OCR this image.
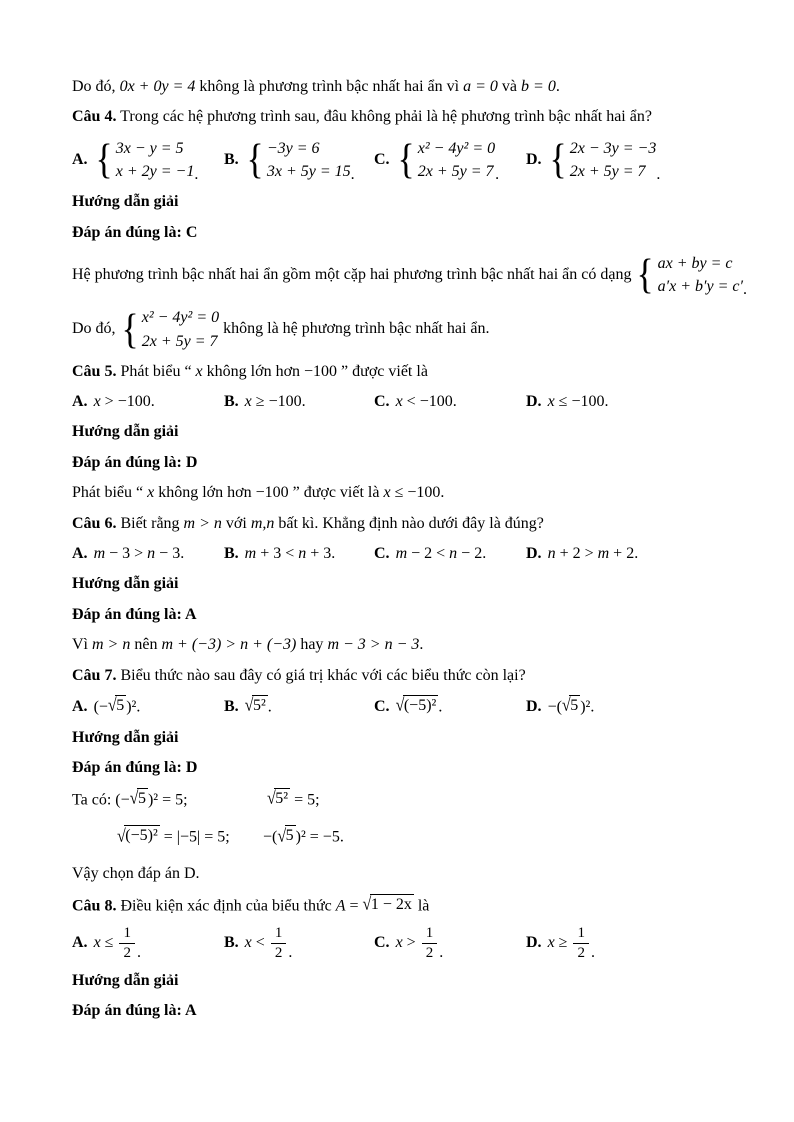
Do đó, 0x + 0y = 4 không là phương trình bậc nhất hai ẩn vì a = 0 và b = 0.

Câu 4. Trong các hệ phương trình sau, đâu không phải là hệ phương trình bậc nhất hai ẩn?

A. { 3x − y = 5
x + 2y = −1 .
B. { −3y = 6
3x + 5y = 15 .
C. { x² − 4y² = 0
2x + 5y = 7 .
D. { 2x − 3y = −3
2x + 5y = 7 .

Hướng dẫn giải

Đáp án đúng là: C

Hệ phương trình bậc nhất hai ẩn gồm một cặp hai phương trình bậc nhất hai ẩn có dạng { ax + by = c
a′x + b′y = c′ .
Do đó, { x² − 4y² = 0
2x + 5y = 7
không là hệ phương trình bậc nhất hai ẩn.

Câu 5. Phát biểu “ x không lớn hơn −100 ” được viết là

A. x > −100.	B. x ≥ −100.	C. x < −100.	D. x ≤ −100.

Hướng dẫn giải

Đáp án đúng là: D

Phát biểu “ x không lớn hơn −100 ” được viết là x ≤ −100.

Câu 6. Biết rằng m > n với m,n bất kì. Khẳng định nào dưới đây là đúng?

A. m − 3 > n − 3.	B. m + 3 < n + 3.	C. m − 2 < n − 2.	D. n + 2 > m + 2.

Hướng dẫn giải

Đáp án đúng là: A

Vì m > n nên m + (−3) > n + (−3) hay m − 3 > n − 3.

Câu 7. Biểu thức nào sau đây có giá trị khác với các biểu thức còn lại?

A. (− √ 5 )².	B. √ 5² .	C. √ (−5)² .	D. −( √ 5 )².

Hướng dẫn giải

Đáp án đúng là: D

Ta có: (− √ 5 )² = 5;	√ 5² = 5;
√ (−5)² = |−5| = 5;	−( √ 5 )² = −5.

Vậy chọn đáp án D.

Câu 8. Điều kiện xác định của biểu thức A = √ 1 − 2x là

A. $x \le \frac{1}{2}$ .
B. $x < \frac{1}{2}$ .
C. $x > \frac{1}{2}$ .
D. $x \ge \frac{1}{2}$ .

Hướng dẫn giải

Đáp án đúng là: A
